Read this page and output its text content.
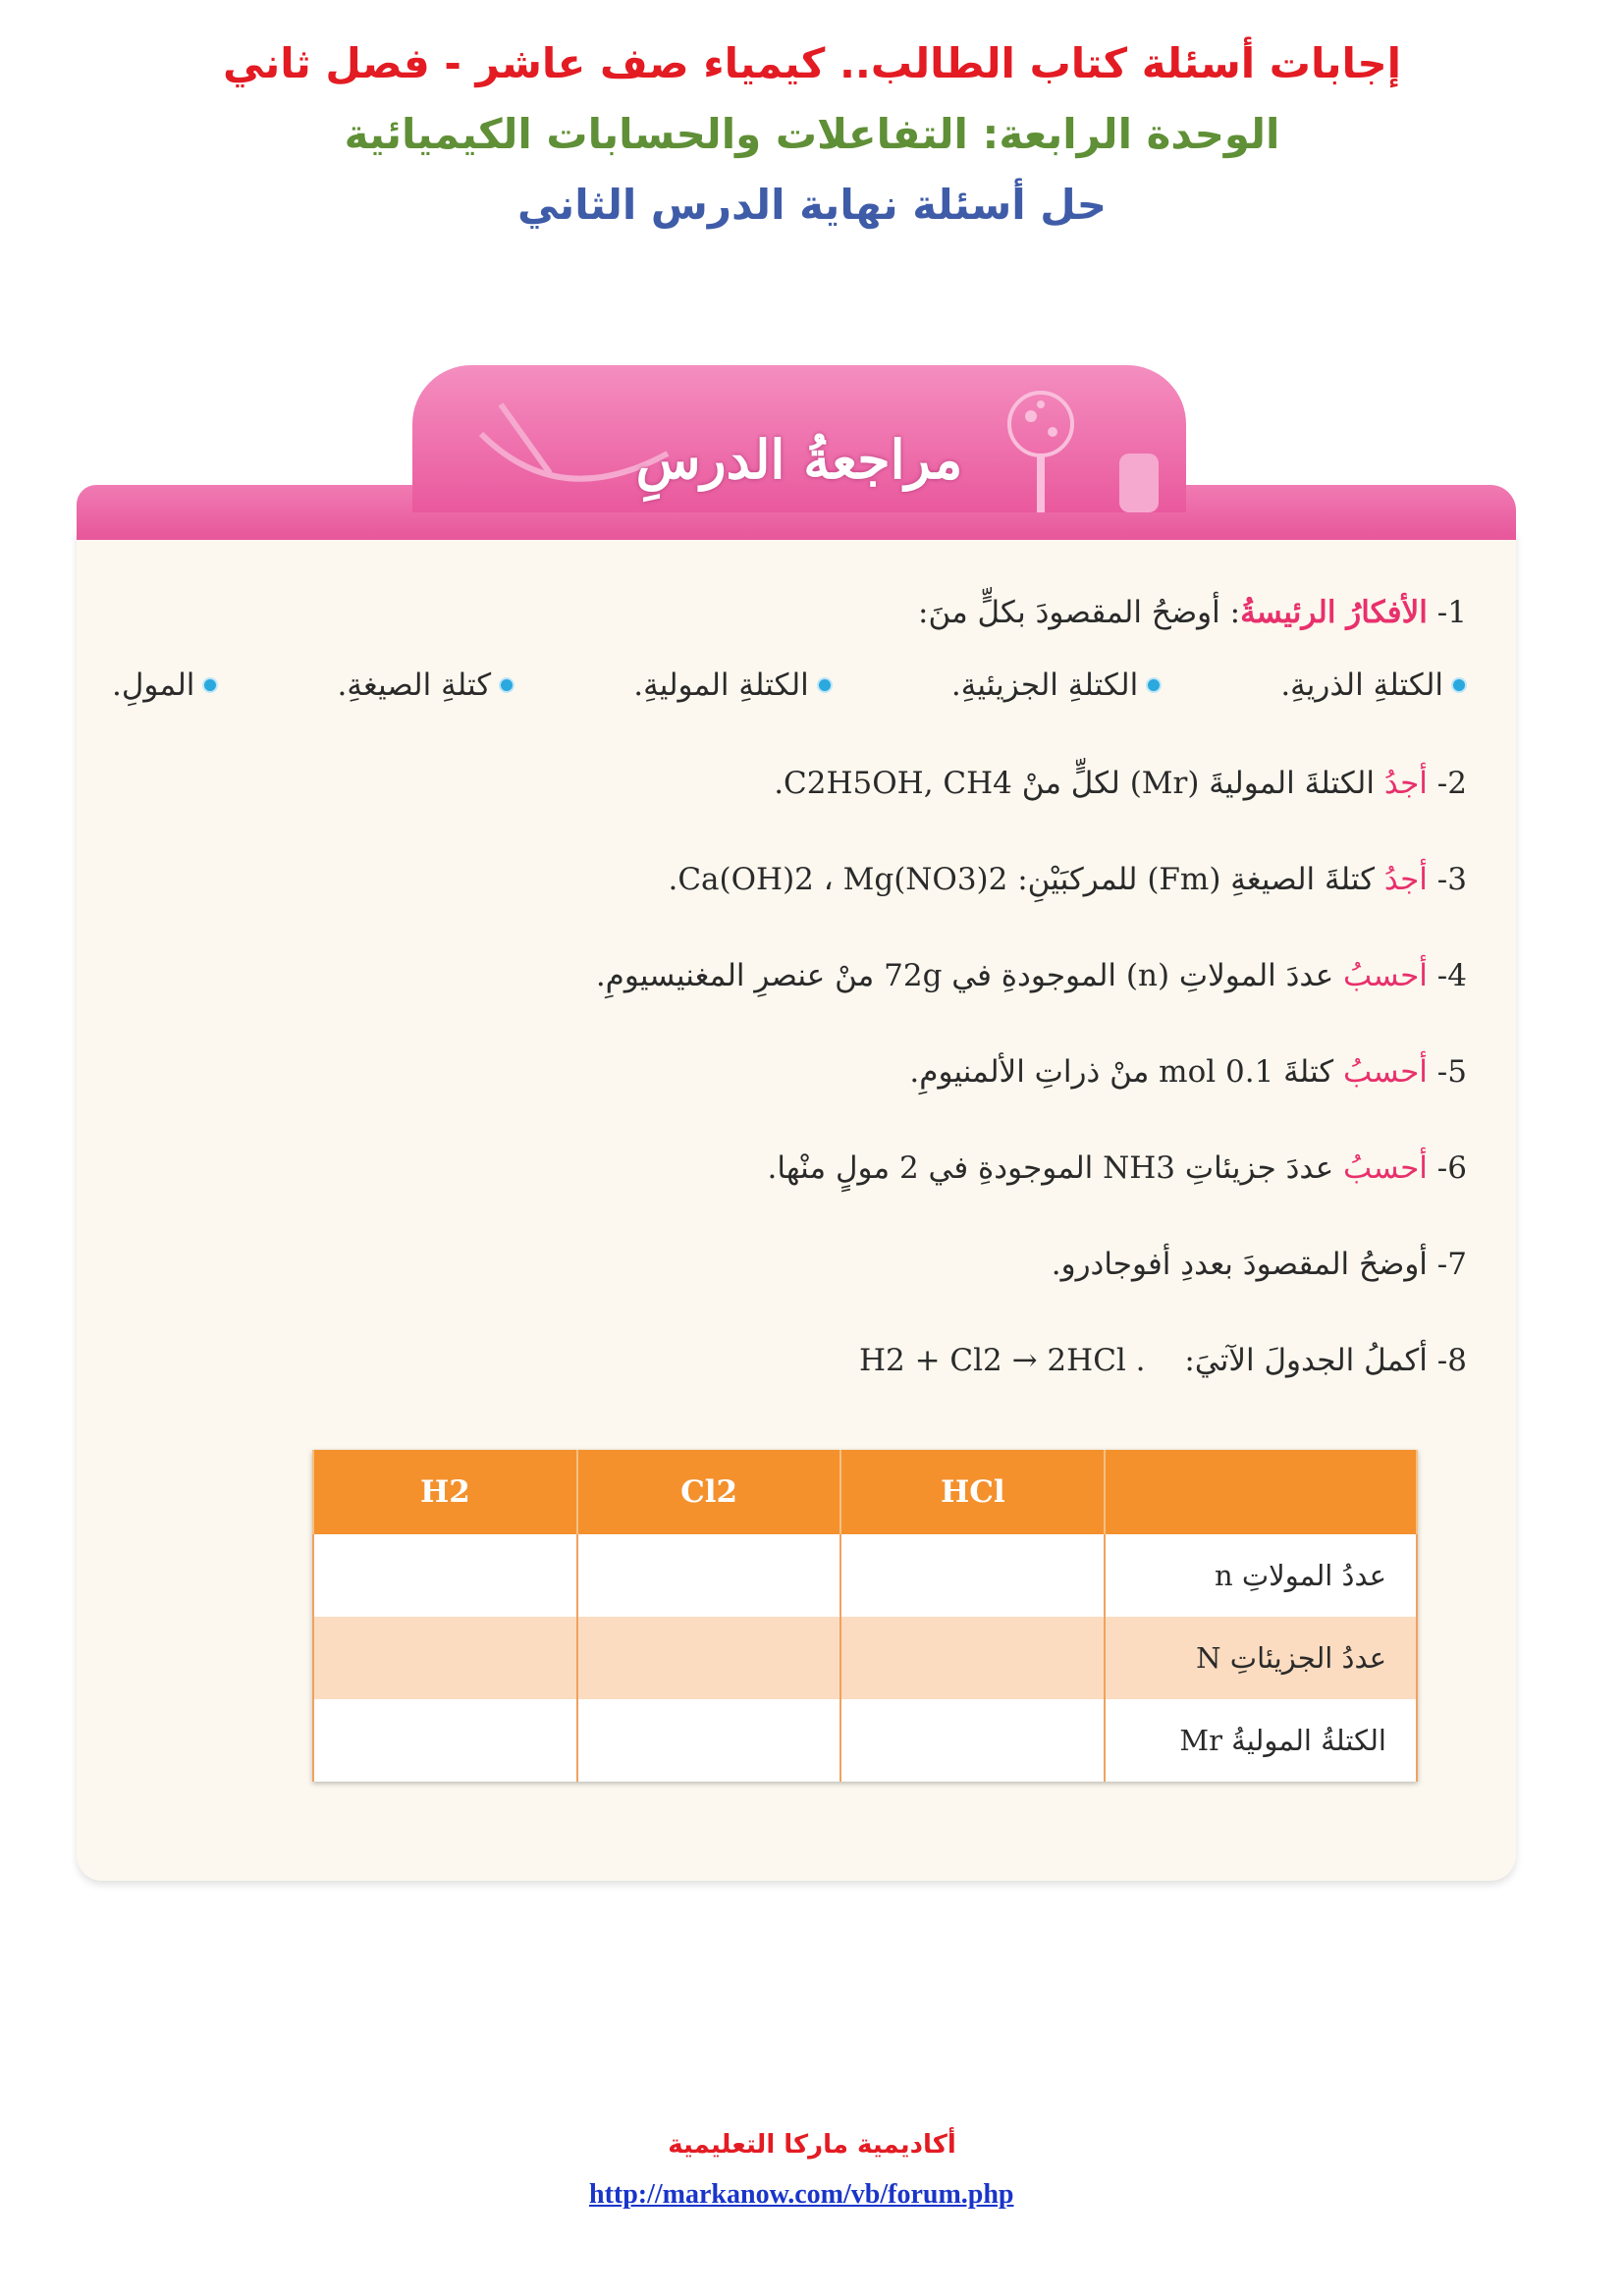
إجابات أسئلة كتاب الطالب.. كيمياء صف عاشر - فصل ثاني
الوحدة الرابعة: التفاعلات والحسابات الكيميائية
حل أسئلة نهاية الدرس الثاني
مراجعةُ الدرسِ
1- الأفكارُ الرئيسةُ: أوضحُ المقصودَ بكلٍّ منَ:
الكتلةِ الذريةِ.
الكتلةِ الجزيئيةِ.
الكتلةِ الموليةِ.
كتلةِ الصيغةِ.
المولِ.
2- أجدُ الكتلةَ الموليةَ (Mr) لكلٍّ منْ C2H5OH, CH4.
3- أجدُ كتلةَ الصيغةِ (Fm) للمركبَيْنِ: Ca(OH)2 ، Mg(NO3)2.
4- أحسبُ عددَ المولاتِ (n) الموجودةِ في 72g منْ عنصرِ المغنيسيومِ.
5- أحسبُ كتلةَ 0.1 mol منْ ذراتِ الألمنيومِ.
6- أحسبُ عددَ جزيئاتِ NH3 الموجودةِ في 2 مولٍ منْها.
7- أوضحُ المقصودَ بعددِ أفوجادرو.
8- أكملُ الجدولَ الآتيَ: H2 + Cl2 → 2HCl .
	HCl	Cl2	H2
عددُ المولاتِ n			
عددُ الجزيئاتِ N			
الكتلةُ الموليةُ Mr			
أكاديمية ماركا التعليمية
http://markanow.com/vb/forum.php
